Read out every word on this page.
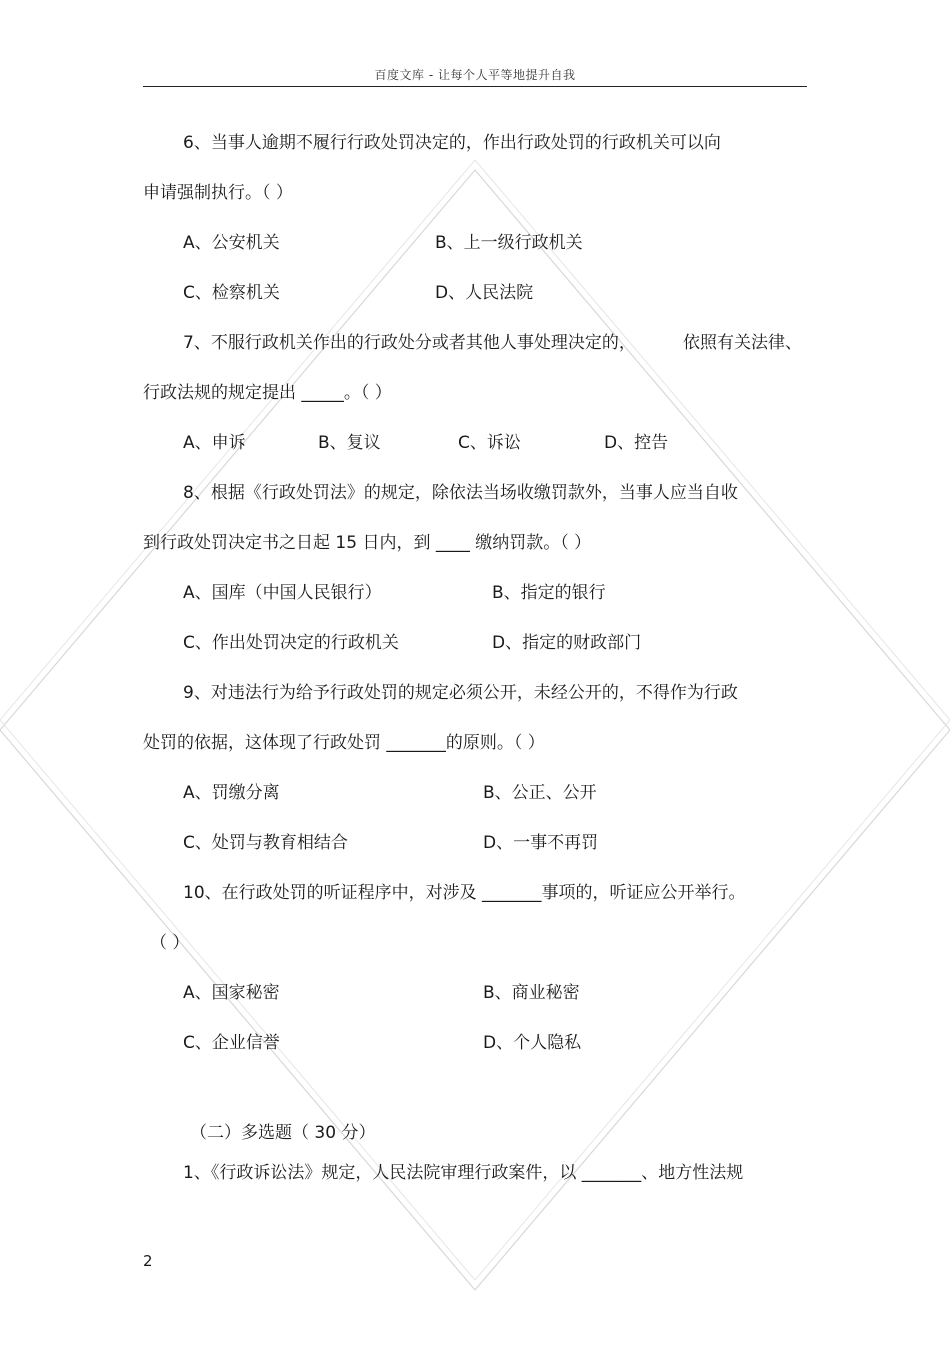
百度文库 - 让每个人平等地提升自我
6、当事人逾期不履行行政处罚决定的，作出行政处罚的行政机关可以向
申请强制执行。（ ）
A、公安机关	B、上一级行政机关
C、检察机关	D、人民法院
7、不服行政机关作出的行政处分或者其他人事处理决定的，	依照有关法律、
行政法规的规定提出 _____。（ ）
A、申诉	B、复议	C、诉讼	D、控告
8、根据《行政处罚法》的规定，除依法当场收缴罚款外，当事人应当自收
到行政处罚决定书之日起 15 日内，到 ____ 缴纳罚款。（ ）
A、国库（中国人民银行）	B、指定的银行
C、作出处罚决定的行政机关	D、指定的财政部门
9、对违法行为给予行政处罚的规定必须公开，未经公开的，不得作为行政
处罚的依据，这体现了行政处罚 _______的原则。（ ）
A、罚缴分离	B、公正、公开
C、处罚与教育相结合	D、一事不再罚
10、在行政处罚的听证程序中，对涉及 _______事项的，听证应公开举行。
（ ）
A、国家秘密	B、商业秘密
C、企业信誉	D、个人隐私
（二）多选题（ 30 分）
1、《行政诉讼法》规定，人民法院审理行政案件，以 _______、地方性法规
2
